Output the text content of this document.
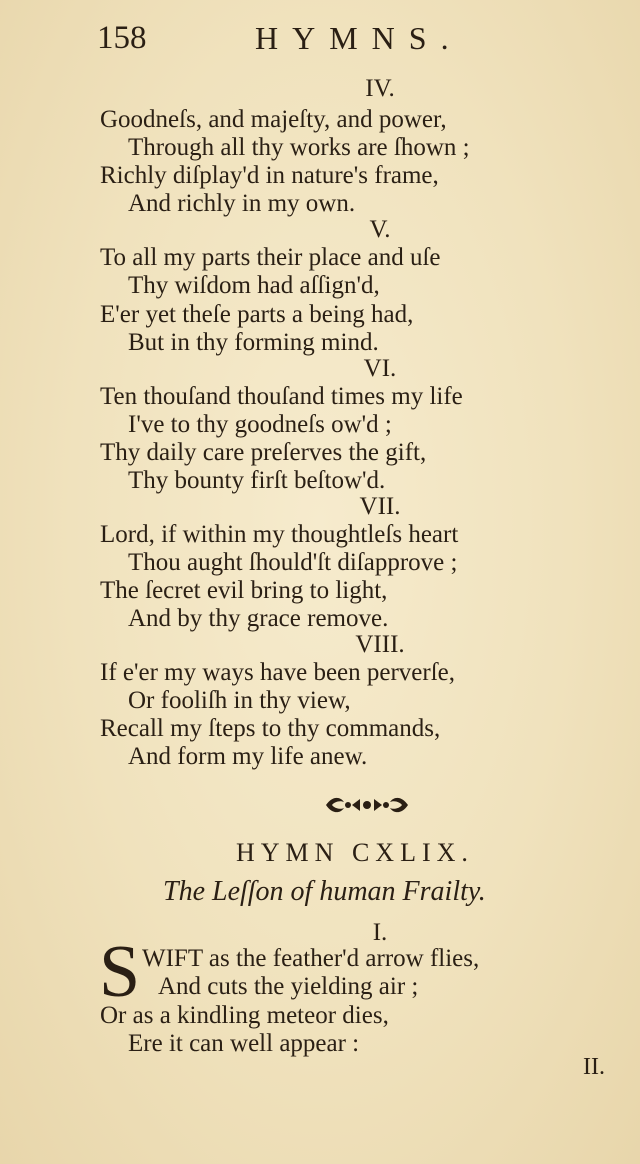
158	HYMNS.
IV.
Goodneſs, and majeſty, and power,
Through all thy works are ſhown ;
Richly diſplay'd in nature's frame,
And richly in my own.
V.
To all my parts their place and uſe
Thy wiſdom had aſſign'd,
E'er yet theſe parts a being had,
But in thy forming mind.
VI.
Ten thouſand thouſand times my life
I've to thy goodneſs ow'd ;
Thy daily care preſerves the gift,
Thy bounty firſt beſtow'd.
VII.
Lord, if within my thoughtleſs heart
Thou aught ſhould'ſt diſapprove ;
The ſecret evil bring to light,
And by thy grace remove.
VIII.
If e'er my ways have been perverſe,
Or fooliſh in thy view,
Recall my ſteps to thy commands,
And form my life anew.
HYMN CXLIX.
The Leſſon of human Frailty.
I.
S WIFT as the feather'd arrow flies,
And cuts the yielding air ;
Or as a kindling meteor dies,
Ere it can well appear :
II.
